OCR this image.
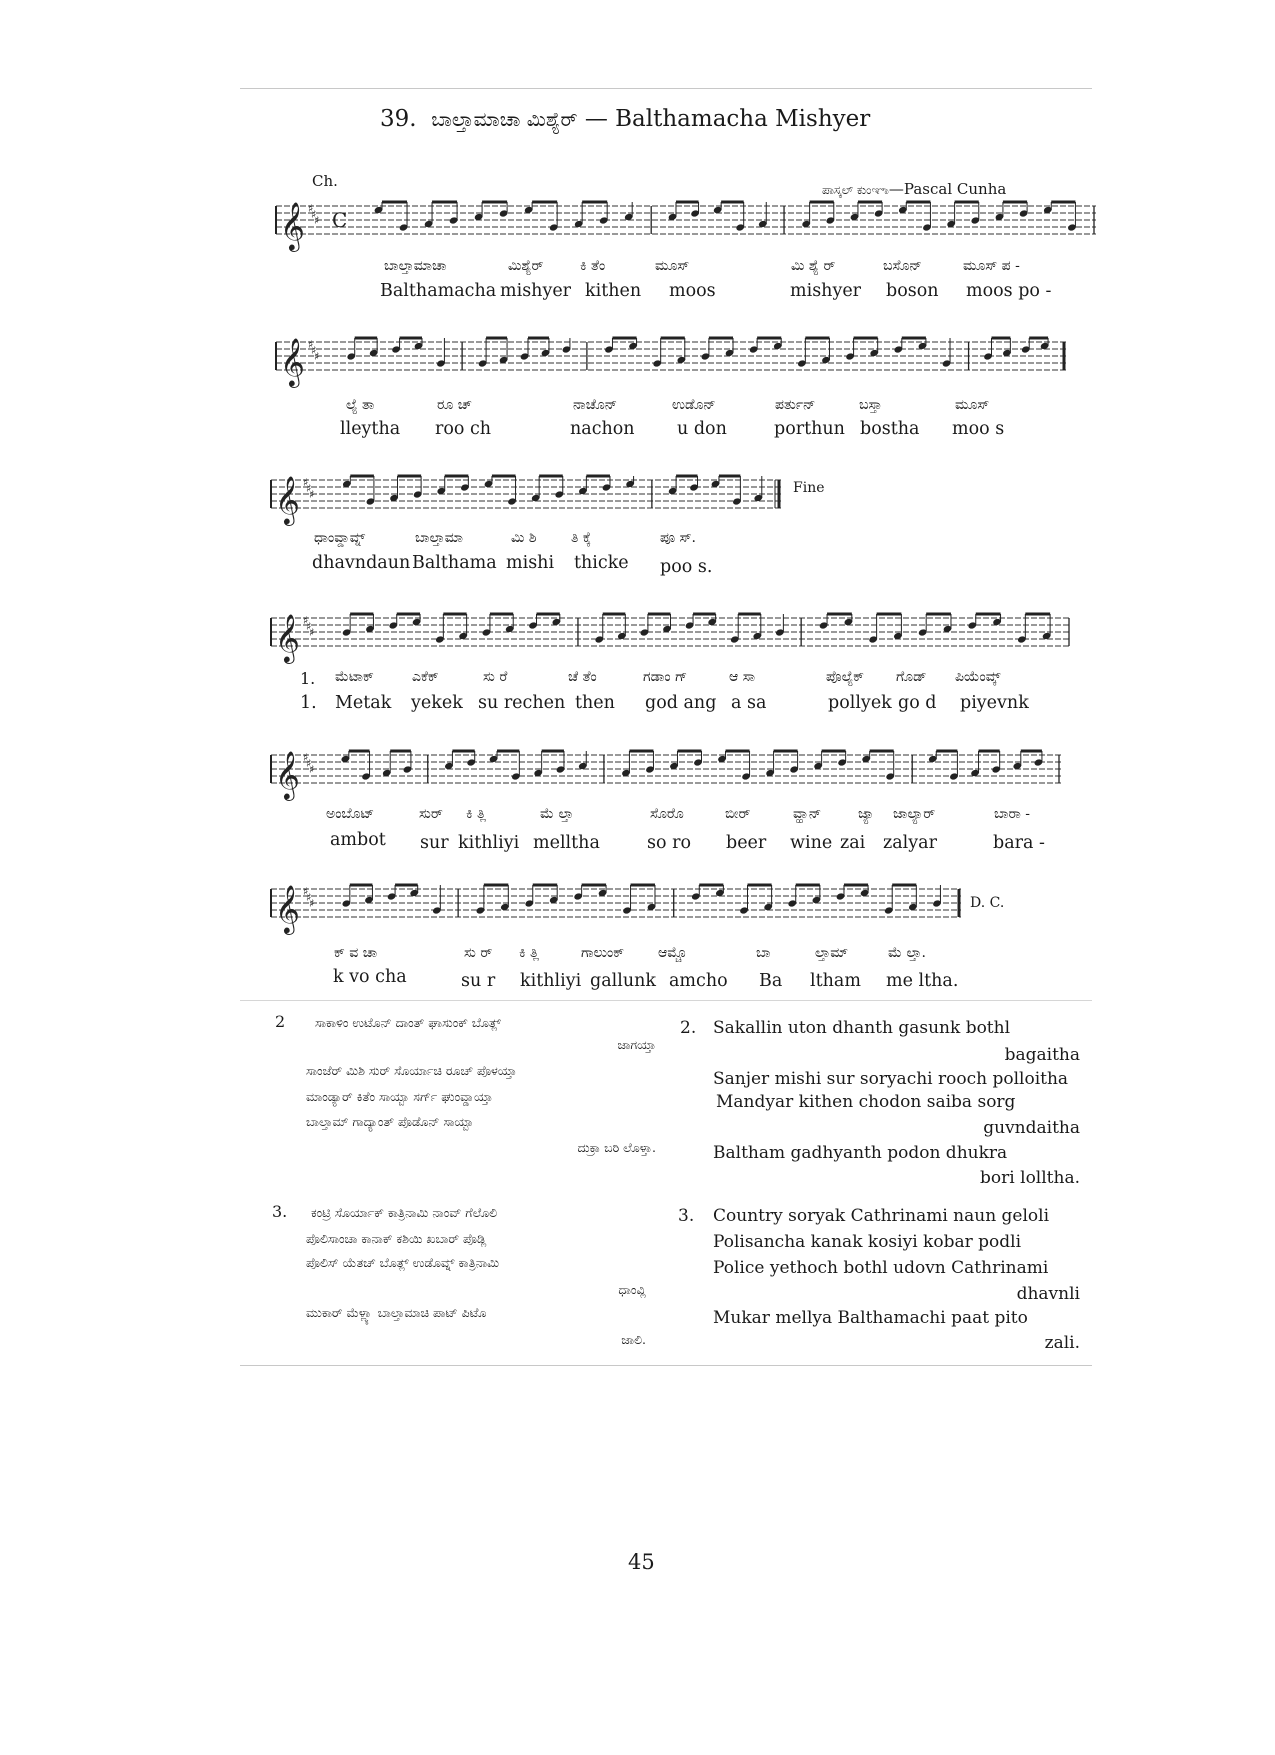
39. ಬಾಲ್ತಾಮಾಚಾ ಮಿಶ್ಯೆರ್ — Balthamacha Mishyer
Ch.	ಪಾಸ್ಕಲ್ ಕುಂಞಾ—Pascal Cunha
𝄞 ♯
♯
♯ C
𝄞 ♯
♯
♯
𝄞 ♯
♯
♯	Fine
𝄞 ♯
♯
♯
𝄞 ♯
♯
♯
𝄞 ♯
♯
♯	D. C.
ಬಾಲ್ತಾಮಾಚಾ	ಮಿಶ್ಯೆರ್	ಕಿ ತೆಂ	ಮೂಸ್	ಮಿ ಶ್ಯೆ ರ್	ಬಸೊನ್	ಮೂಸ್ ಪ -
Balthamacha mishyer kithen moos	mishyer boson moos po -
ಲ್ಯೆ ತಾ	ರೂ ಚ್	ನಾಚೊನ್	ಉಡೊನ್	ಪರ್ತುನ್	ಬಸ್ತಾ	ಮೂಸ್
lleytha roo ch	nachon u don	porthun bostha moo s
ಧಾಂವ್ಡಾವ್ನ್	ಬಾಲ್ತಾಮಾ	ಮಿ ಶಿ ತಿ ಕ್ಕೆ	ಪೂ ಸ್.
dhavndaun Balthama mishi thicke poo s.
1. ಮೆಟಾಕ್	ಎಕೆಕ್	ಸು ರೆ	ಚೆ ತೆಂ	ಗಡಾಂ ಗ್	ಆ ಸಾ	ಪೊಲ್ಯೆಕ್ ಗೊಡ್ ಪಿಯೆಂವ್ಕ್
1. Metak yekek su rechen then god ang a sa	pollyek go d piyevnk
ಅಂಬೊಟ್	ಸುರ್ ಕಿ ತ್ಲಿ	ಮೆ ಲ್ತಾ	ಸೊರೊ	ಬೀರ್	ವ್ಹಾನ್	ಜ್ಯಾ ಜಾಲ್ಯಾರ್	ಬಾರಾ -
ambot sur kithliyi melltha	so ro beer wine zai zalyar	bara -
ಕ್ ವ ಚಾ	ಸು ರ್ ಕಿ ತ್ಲಿ	ಗಾಲುಂಕ್ ಆಮ್ಚೊ	ಬಾ	ಲ್ತಾಮ್	ಮೆ ಲ್ತಾ.
k vo cha	su r kithliyi gallunk amcho Ba ltham me ltha.
2 ಸಾಕಾಳಿಂ ಉಟೊನ್ ದಾಂತ್ ಘಾಸುಂಕ್ ಬೊತ್ಲ್
ಜಾಗಯ್ತಾ
ಸಾಂಜೆರ್ ಮಿಶಿ ಸುರ್ ಸೊರ್ಯಾಚಿ ರೂಚ್ ಪೊಳಯ್ತಾ
ಮಾಂಡ್ಯಾರ್ ಕಿತೆಂ ಸಾಯ್ಬಾ ಸರ್ಗ್ ಘುಂವ್ಡಾಯ್ತಾ
ಬಾಲ್ತಾಮ್ ಗಾದ್ಯಾಂತ್ ಪೊಡೊನ್ ಸಾಯ್ಬಾ
ದುಕ್ರಾ ಬರಿ ಲೊಳ್ತಾ.
2. Sakallin uton dhanth gasunk bothl
bagaitha
Sanjer mishi sur soryachi rooch polloitha
Mandyar kithen chodon saiba sorg
guvndaitha
Baltham gadhyanth podon dhukra
bori lolltha.
3. ಕಂಟ್ರಿ ಸೊರ್ಯಾಕ್ ಕಾತ್ರಿನಾಮಿ ನಾಂವ್ ಗೆಲೊಲಿ
ಪೊಲಿಸಾಂಚಾ ಕಾನಾಕ್ ಕಶಿಯಿ ಖಬಾರ್ ಪೊಡ್ಲಿ
ಪೊಲಿಸ್ ಯೆತಚ್ ಬೊತ್ಲ್ ಉಡೊವ್ನ್ ಕಾತ್ರಿನಾಮಿ
ಧಾಂವ್ಲಿ
ಮುಕಾರ್ ಮೆಳ್ಲ್ಯಾ ಬಾಲ್ತಾಮಾಚಿ ಪಾಟ್ ಪಿಟೊ
ಜಾಲಿ.
3. Country soryak Cathrinami naun geloli
Polisancha kanak kosiyi kobar podli
Police yethoch bothl udovn Cathrinami
dhavnli
Mukar mellya Balthamachi paat pito
zali.
45
